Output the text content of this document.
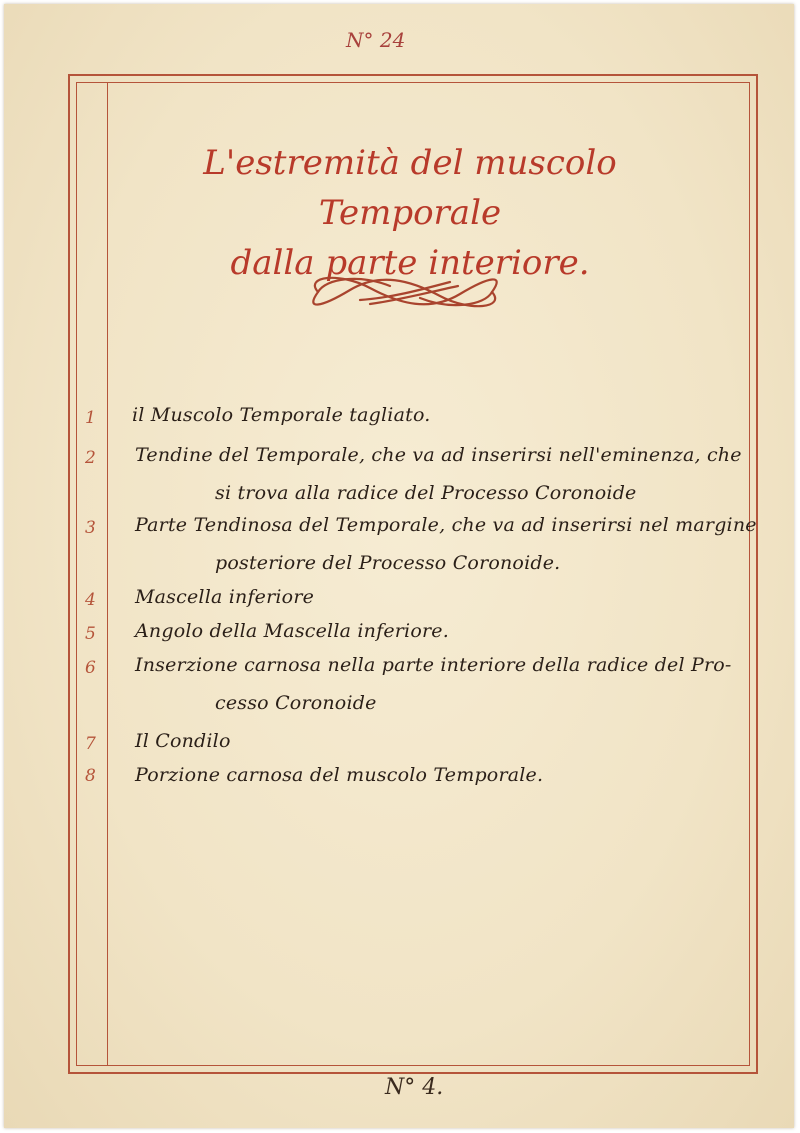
N° 24
L'estremità del muscolo Temporale
dalla parte interiore.
1 il Muscolo Temporale tagliato.
2 Tendine del Temporale, che va ad inserirsi nell'eminenza, che
si trova alla radice del Processo Coronoide
3 Parte Tendinosa del Temporale, che va ad inserirsi nel margine
posteriore del Processo Coronoide.
4 Mascella inferiore
5 Angolo della Mascella inferiore.
6 Inserzione carnosa nella parte interiore della radice del Pro-
cesso Coronoide
7 Il Condilo
8 Porzione carnosa del muscolo Temporale.
N° 4.
